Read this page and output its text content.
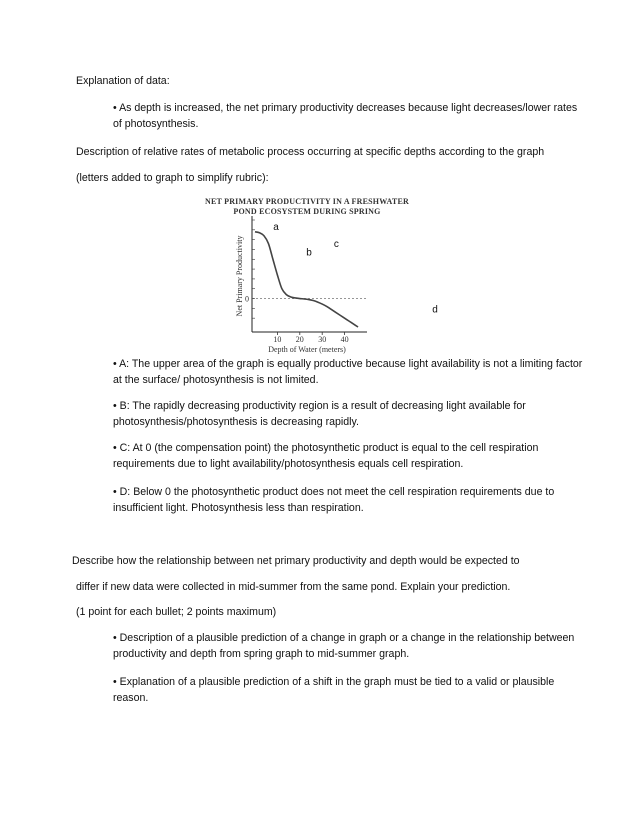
Explanation of data:

• As depth is increased, the net primary productivity decreases because light decreases/lower rates of photosynthesis.

Description of relative rates of metabolic process occurring at specific depths according to the graph

(letters added to graph to simplify rubric):

NET PRIMARY PRODUCTIVITY IN A FRESHWATER
POND ECOSYSTEM DURING SPRING
10 20 30 40
0
a
b
c
d
Depth of Water (meters)
Net Primary Productivity

• A: The upper area of the graph is equally productive because light availability is not a limiting factor at the surface/ photosynthesis is not limited.

• B: The rapidly decreasing productivity region is a result of decreasing light available for photosynthesis/photosynthesis is decreasing rapidly.

• C: At 0 (the compensation point) the photosynthetic product is equal to the cell respiration requirements due to light availability/photosynthesis equals cell respiration.

• D: Below 0 the photosynthetic product does not meet the cell respiration requirements due to insufficient light. Photosynthesis less than respiration.

Describe how the relationship between net primary productivity and depth would be expected to

differ if new data were collected in mid-summer from the same pond. Explain your prediction.

(1 point for each bullet; 2 points maximum)

• Description of a plausible prediction of a change in graph or a change in the relationship between productivity and depth from spring graph to mid-summer graph.

• Explanation of a plausible prediction of a shift in the graph must be tied to a valid or plausible reason.
